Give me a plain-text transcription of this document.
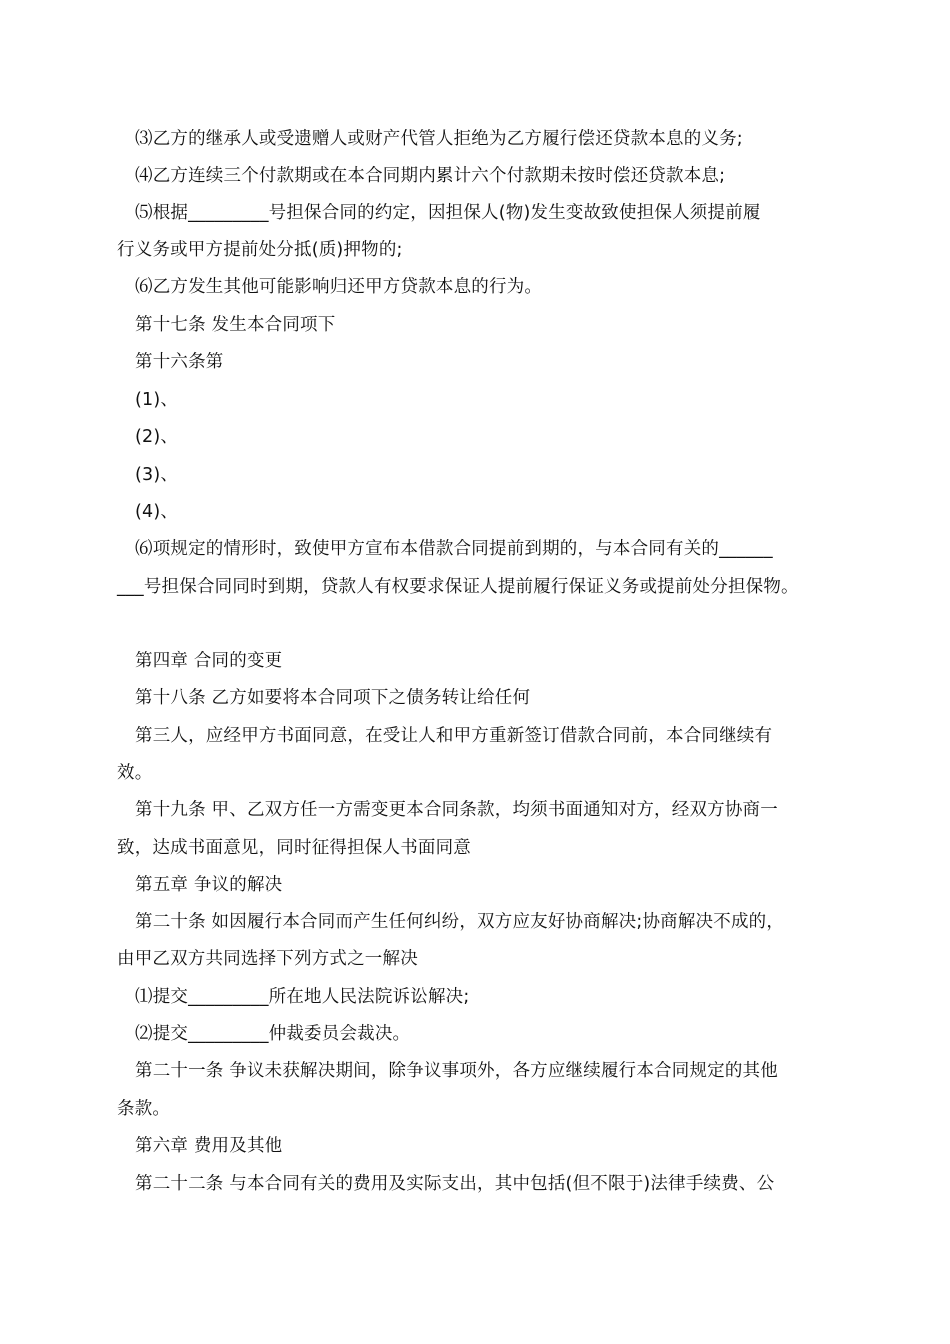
⑶乙方的继承人或受遗赠人或财产代管人拒绝为乙方履行偿还贷款本息的义务;
⑷乙方连续三个付款期或在本合同期内累计六个付款期未按时偿还贷款本息;
⑸根据_________号担保合同的约定，因担保人(物)发生变故致使担保人须提前履
行义务或甲方提前处分抵(质)押物的;
⑹乙方发生其他可能影响归还甲方贷款本息的行为。
第十七条 发生本合同项下
第十六条第
(1)、
(2)、
(3)、
(4)、
⑹项规定的情形时，致使甲方宣布本借款合同提前到期的，与本合同有关的______
___号担保合同同时到期，贷款人有权要求保证人提前履行保证义务或提前处分担保物。
第四章 合同的变更
第十八条 乙方如要将本合同项下之债务转让给任何
第三人，应经甲方书面同意，在受让人和甲方重新签订借款合同前，本合同继续有
效。
第十九条 甲、乙双方任一方需变更本合同条款，均须书面通知对方，经双方协商一
致，达成书面意见，同时征得担保人书面同意
第五章 争议的解决
第二十条 如因履行本合同而产生任何纠纷，双方应友好协商解决;协商解决不成的，
由甲乙双方共同选择下列方式之一解决
⑴提交_________所在地人民法院诉讼解决;
⑵提交_________仲裁委员会裁决。
第二十一条 争议未获解决期间，除争议事项外，各方应继续履行本合同规定的其他
条款。
第六章 费用及其他
第二十二条 与本合同有关的费用及实际支出，其中包括(但不限于)法律手续费、公
